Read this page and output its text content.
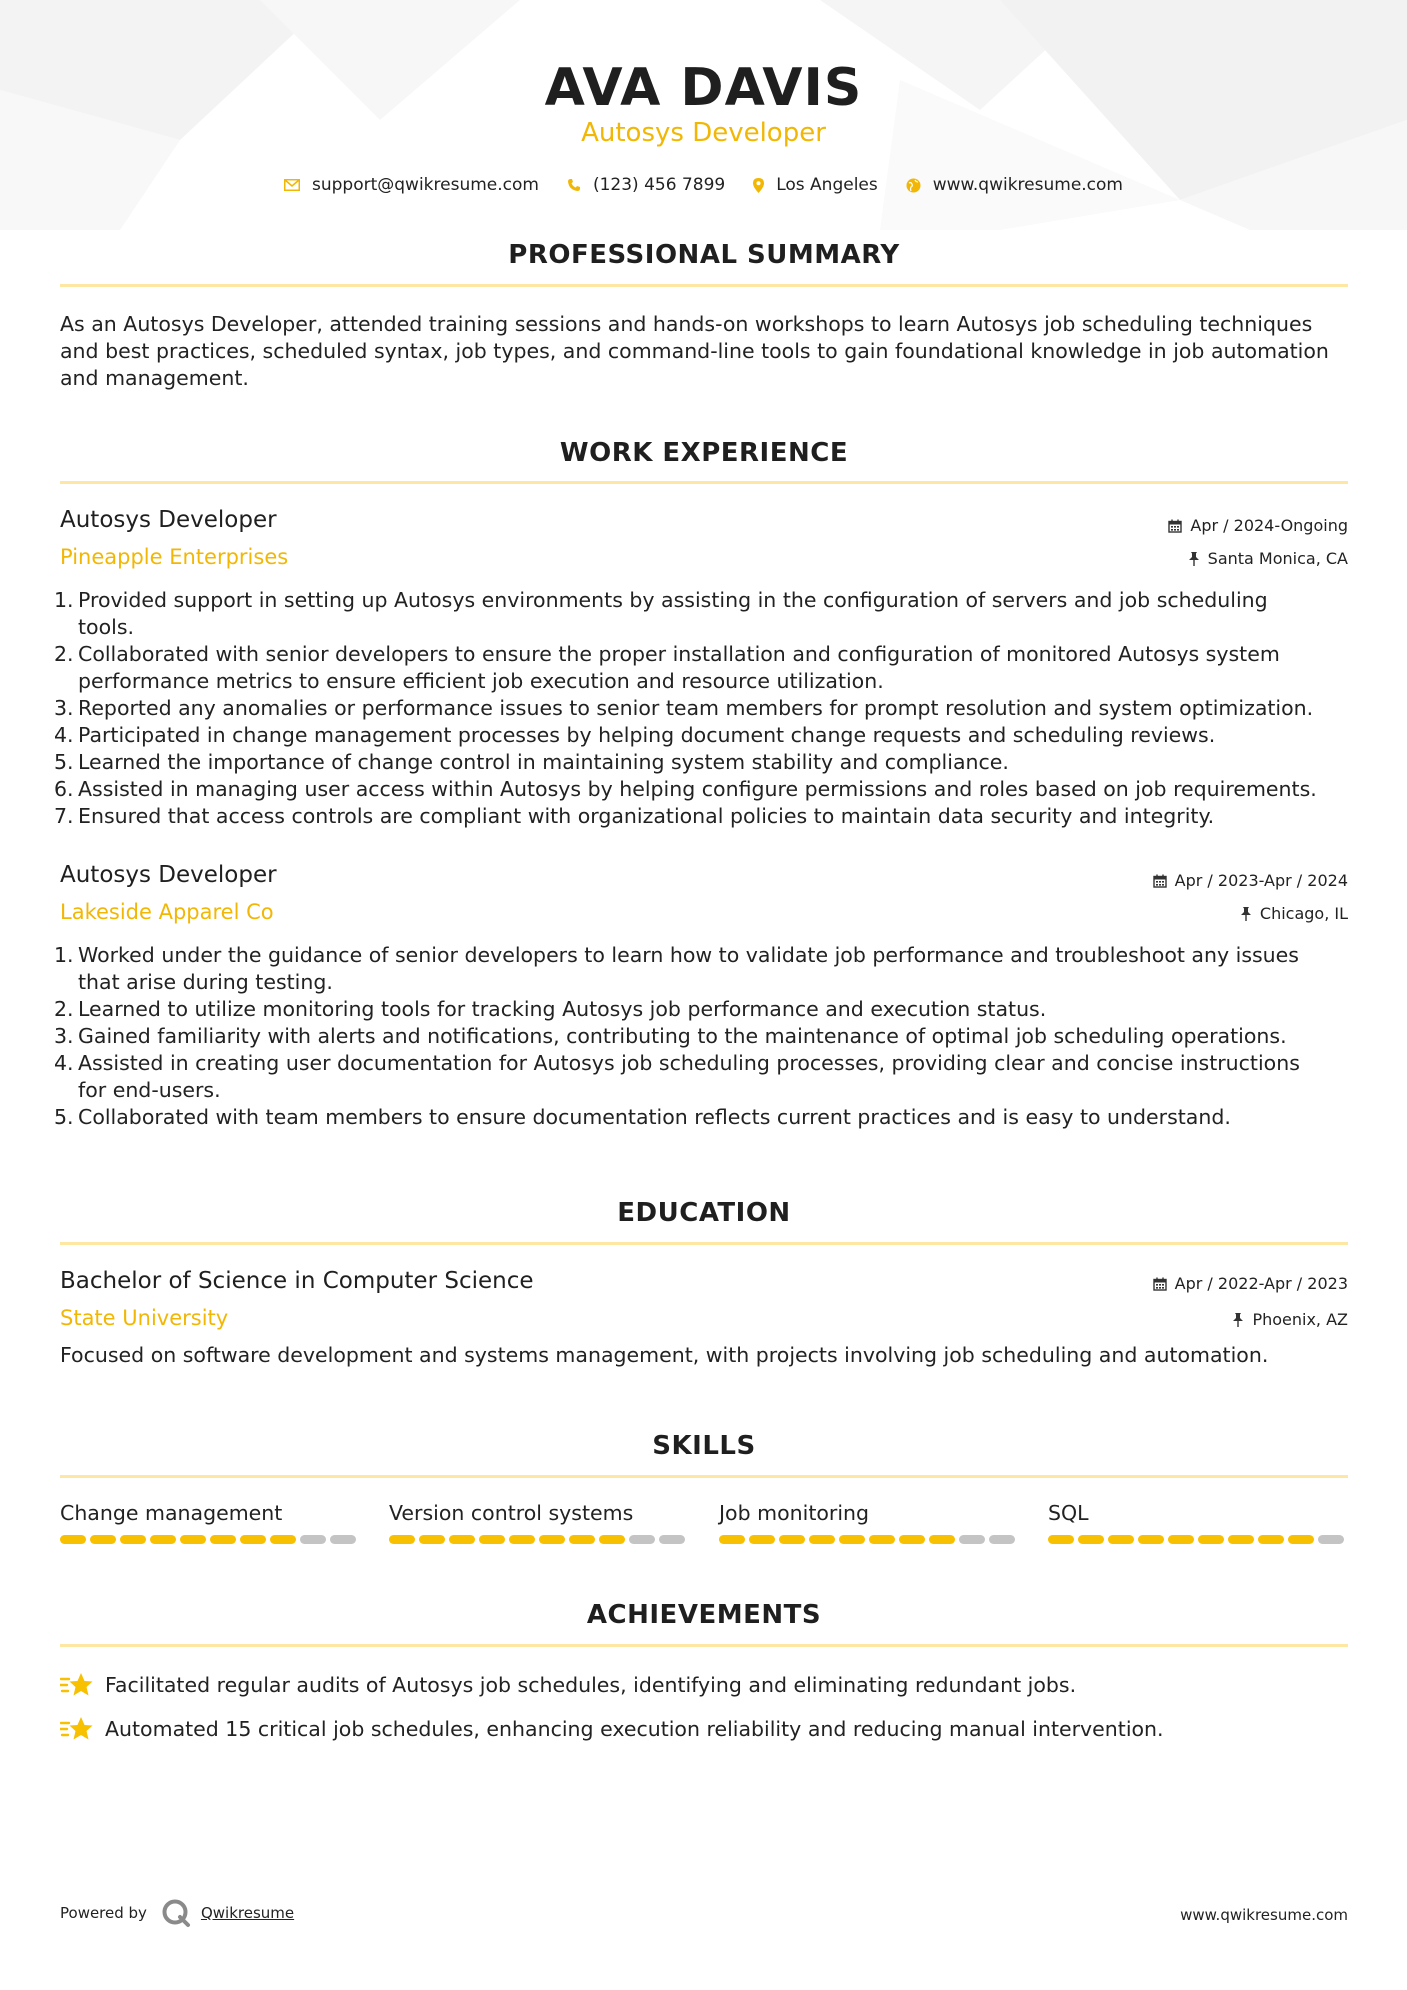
AVA DAVIS
Autosys Developer
support@qwikresume.com	(123) 456 7899	Los Angeles	www.qwikresume.com
PROFESSIONAL SUMMARY

As an Autosys Developer, attended training sessions and hands-on workshops to learn Autosys job scheduling techniques and best practices, scheduled syntax, job types, and command-line tools to gain foundational knowledge in job automation and management.

WORK EXPERIENCE
Autosys Developer	Apr / 2024-Ongoing
Pineapple Enterprises	Santa Monica, CA
1. Provided support in setting up Autosys environments by assisting in the configuration of servers and job scheduling
tools.
2. Collaborated with senior developers to ensure the proper installation and configuration of monitored Autosys system
performance metrics to ensure efficient job execution and resource utilization.
3. Reported any anomalies or performance issues to senior team members for prompt resolution and system optimization.
4. Participated in change management processes by helping document change requests and scheduling reviews.
5. Learned the importance of change control in maintaining system stability and compliance.
6. Assisted in managing user access within Autosys by helping configure permissions and roles based on job requirements.
7. Ensured that access controls are compliant with organizational policies to maintain data security and integrity.
Autosys Developer	Apr / 2023-Apr / 2024
Lakeside Apparel Co	Chicago, IL
1. Worked under the guidance of senior developers to learn how to validate job performance and troubleshoot any issues
that arise during testing.
2. Learned to utilize monitoring tools for tracking Autosys job performance and execution status.
3. Gained familiarity with alerts and notifications, contributing to the maintenance of optimal job scheduling operations.
4. Assisted in creating user documentation for Autosys job scheduling processes, providing clear and concise instructions
for end-users.
5. Collaborated with team members to ensure documentation reflects current practices and is easy to understand.
EDUCATION
Bachelor of Science in Computer Science	Apr / 2022-Apr / 2023
State University	Phoenix, AZ

Focused on software development and systems management, with projects involving job scheduling and automation.

SKILLS
Change management	Version control systems	Job monitoring	SQL
ACHIEVEMENTS
Facilitated regular audits of Autosys job schedules, identifying and eliminating redundant jobs.
Automated 15 critical job schedules, enhancing execution reliability and reducing manual intervention.
Powered by	Qwikresume	www.qwikresume.com
